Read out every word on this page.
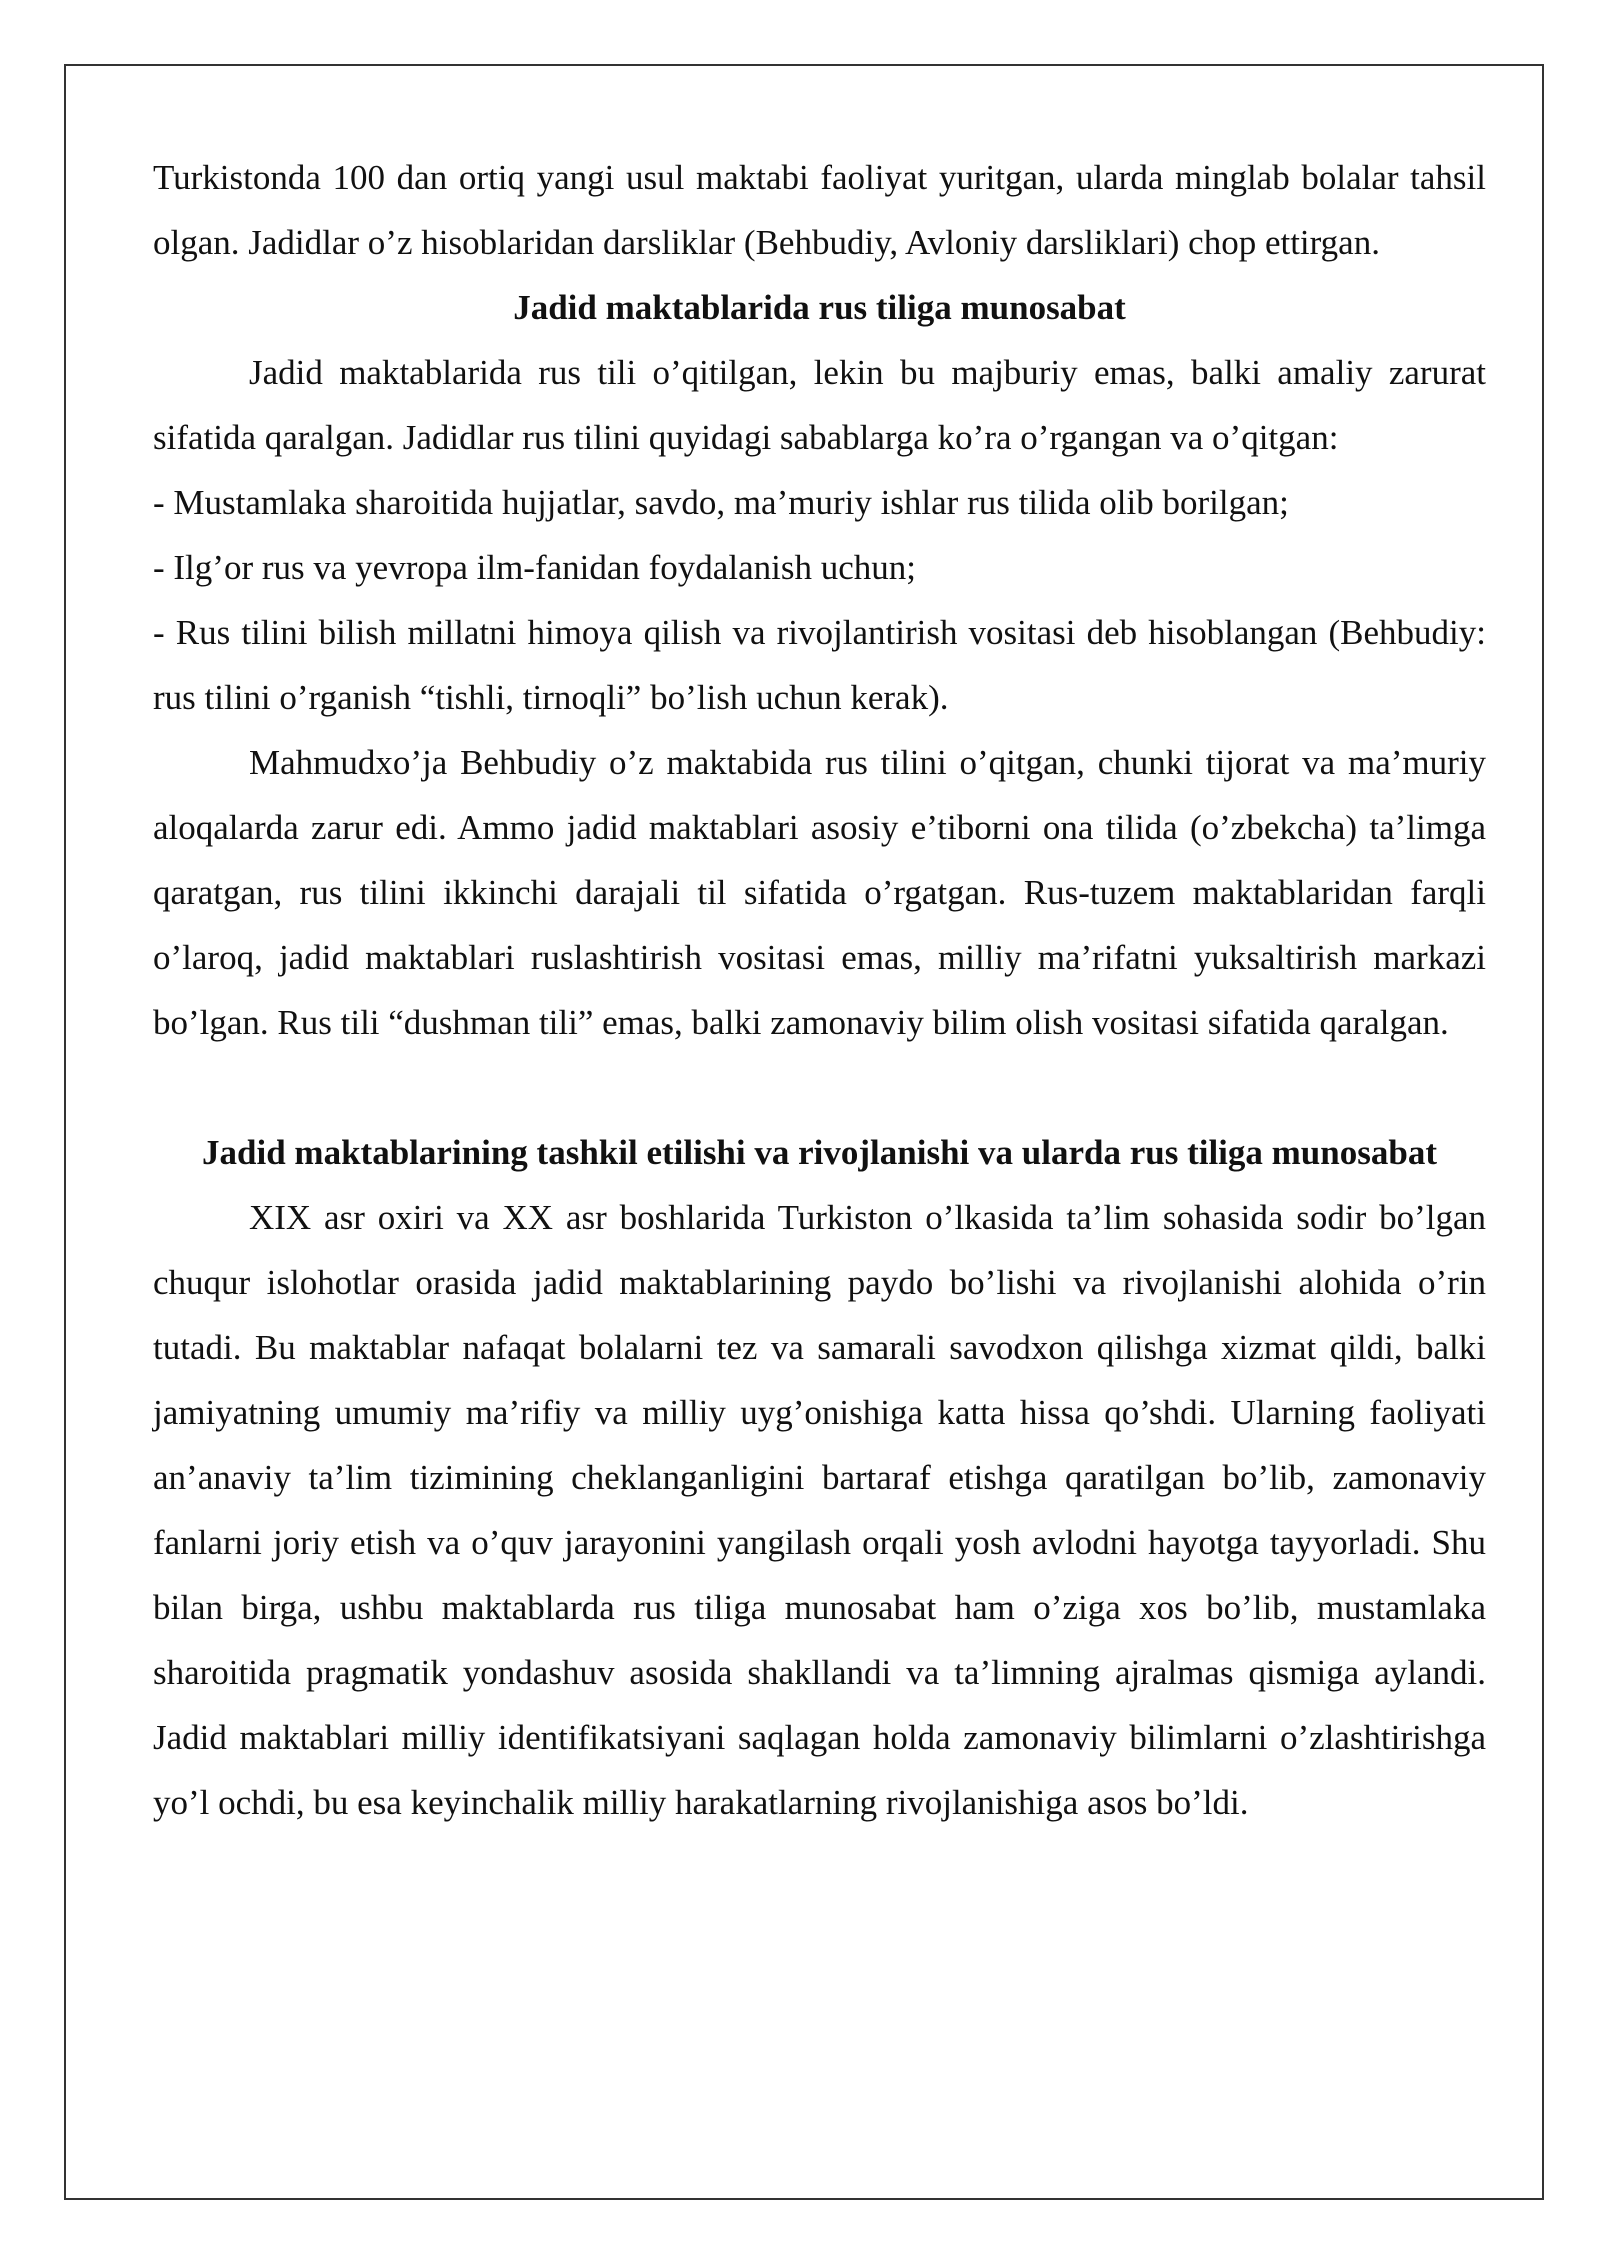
Turkistonda 100 dan ortiq yangi usul maktabi faoliyat yuritgan, ularda minglab bolalar tahsil olgan. Jadidlar o’z hisoblaridan darsliklar (Behbudiy, Avloniy darsliklari) chop ettirgan.

Jadid maktablarida rus tiliga munosabat

Jadid maktablarida rus tili o’qitilgan, lekin bu majburiy emas, balki amaliy zarurat sifatida qaralgan. Jadidlar rus tilini quyidagi sabablarga ko’ra o’rgangan va o’qitgan:

- Mustamlaka sharoitida hujjatlar, savdo, ma’muriy ishlar rus tilida olib borilgan;

- Ilg’or rus va yevropa ilm-fanidan foydalanish uchun;

- Rus tilini bilish millatni himoya qilish va rivojlantirish vositasi deb hisoblangan (Behbudiy: rus tilini o’rganish “tishli, tirnoqli” bo’lish uchun kerak).

Mahmudxo’ja Behbudiy o’z maktabida rus tilini o’qitgan, chunki tijorat va ma’muriy aloqalarda zarur edi. Ammo jadid maktablari asosiy e’tiborni ona tilida (o’zbekcha) ta’limga qaratgan, rus tilini ikkinchi darajali til sifatida o’rgatgan. Rus-tuzem maktablaridan farqli o’laroq, jadid maktablari ruslashtirish vositasi emas, milliy ma’rifatni yuksaltirish markazi bo’lgan. Rus tili “dushman tili” emas, balki zamonaviy bilim olish vositasi sifatida qaralgan.

Jadid maktablarining tashkil etilishi va rivojlanishi va ularda rus tiliga munosabat

XIX asr oxiri va XX asr boshlarida Turkiston o’lkasida ta’lim sohasida sodir bo’lgan chuqur islohotlar orasida jadid maktablarining paydo bo’lishi va rivojlanishi alohida o’rin tutadi. Bu maktablar nafaqat bolalarni tez va samarali savodxon qilishga xizmat qildi, balki jamiyatning umumiy ma’rifiy va milliy uyg’onishiga katta hissa qo’shdi. Ularning faoliyati an’anaviy ta’lim tizimining cheklanganligini bartaraf etishga qaratilgan bo’lib, zamonaviy fanlarni joriy etish va o’quv jarayonini yangilash orqali yosh avlodni hayotga tayyorladi. Shu bilan birga, ushbu maktablarda rus tiliga munosabat ham o’ziga xos bo’lib, mustamlaka sharoitida pragmatik yondashuv asosida shakllandi va ta’limning ajralmas qismiga aylandi. Jadid maktablari milliy identifikatsiyani saqlagan holda zamonaviy bilimlarni o’zlashtirishga yo’l ochdi, bu esa keyinchalik milliy harakatlarning rivojlanishiga asos bo’ldi.
